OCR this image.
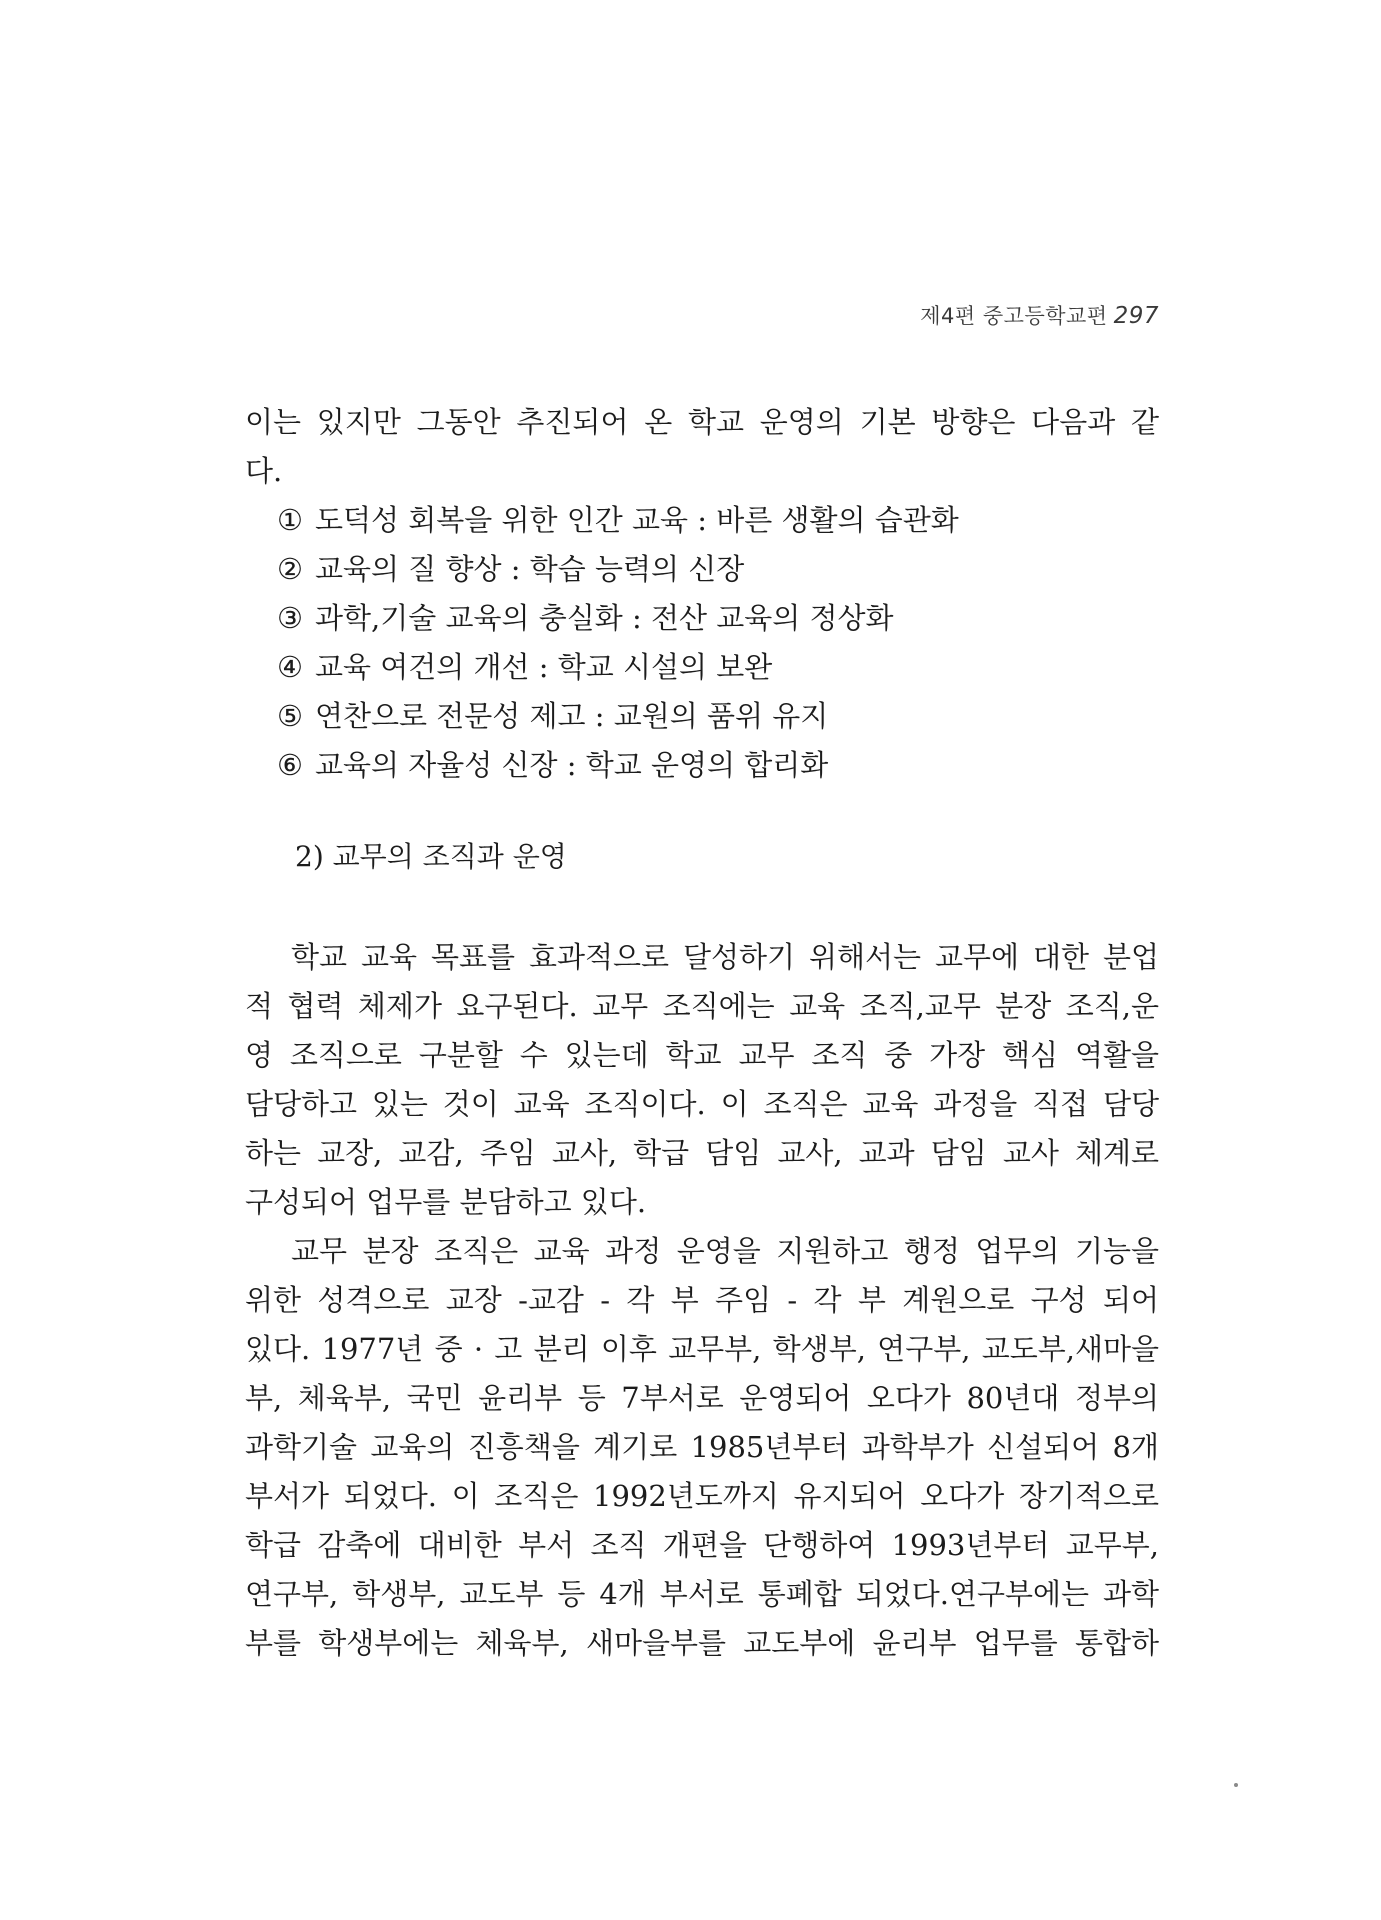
제4편 중고등학교편 297
이는 있지만 그동안 추진되어 온 학교 운영의 기본 방향은 다음과 같
다.
① 도덕성 회복을 위한 인간 교육 : 바른 생활의 습관화
② 교육의 질 향상 : 학습 능력의 신장
③ 과학,기술 교육의 충실화 : 전산 교육의 정상화
④ 교육 여건의 개선 : 학교 시설의 보완
⑤ 연찬으로 전문성 제고 : 교원의 품위 유지
⑥ 교육의 자율성 신장 : 학교 운영의 합리화
2) 교무의 조직과 운영
학교 교육 목표를 효과적으로 달성하기 위해서는 교무에 대한 분업
적 협력 체제가 요구된다. 교무 조직에는 교육 조직,교무 분장 조직,운
영 조직으로 구분할 수 있는데 학교 교무 조직 중 가장 핵심 역활을
담당하고 있는 것이 교육 조직이다. 이 조직은 교육 과정을 직접 담당
하는 교장, 교감, 주임 교사, 학급 담임 교사, 교과 담임 교사 체계로
구성되어 업무를 분담하고 있다.
교무 분장 조직은 교육 과정 운영을 지원하고 행정 업무의 기능을
위한 성격으로 교장 -교감 - 각 부 주임 - 각 부 계원으로 구성 되어
있다. 1977년 중 · 고 분리 이후 교무부, 학생부, 연구부, 교도부,새마을
부, 체육부, 국민 윤리부 등 7부서로 운영되어 오다가 80년대 정부의
과학기술 교육의 진흥책을 계기로 1985년부터 과학부가 신설되어 8개
부서가 되었다. 이 조직은 1992년도까지 유지되어 오다가 장기적으로
학급 감축에 대비한 부서 조직 개편을 단행하여 1993년부터 교무부,
연구부, 학생부, 교도부 등 4개 부서로 통폐합 되었다.연구부에는 과학
부를 학생부에는 체육부, 새마을부를 교도부에 윤리부 업무를 통합하
